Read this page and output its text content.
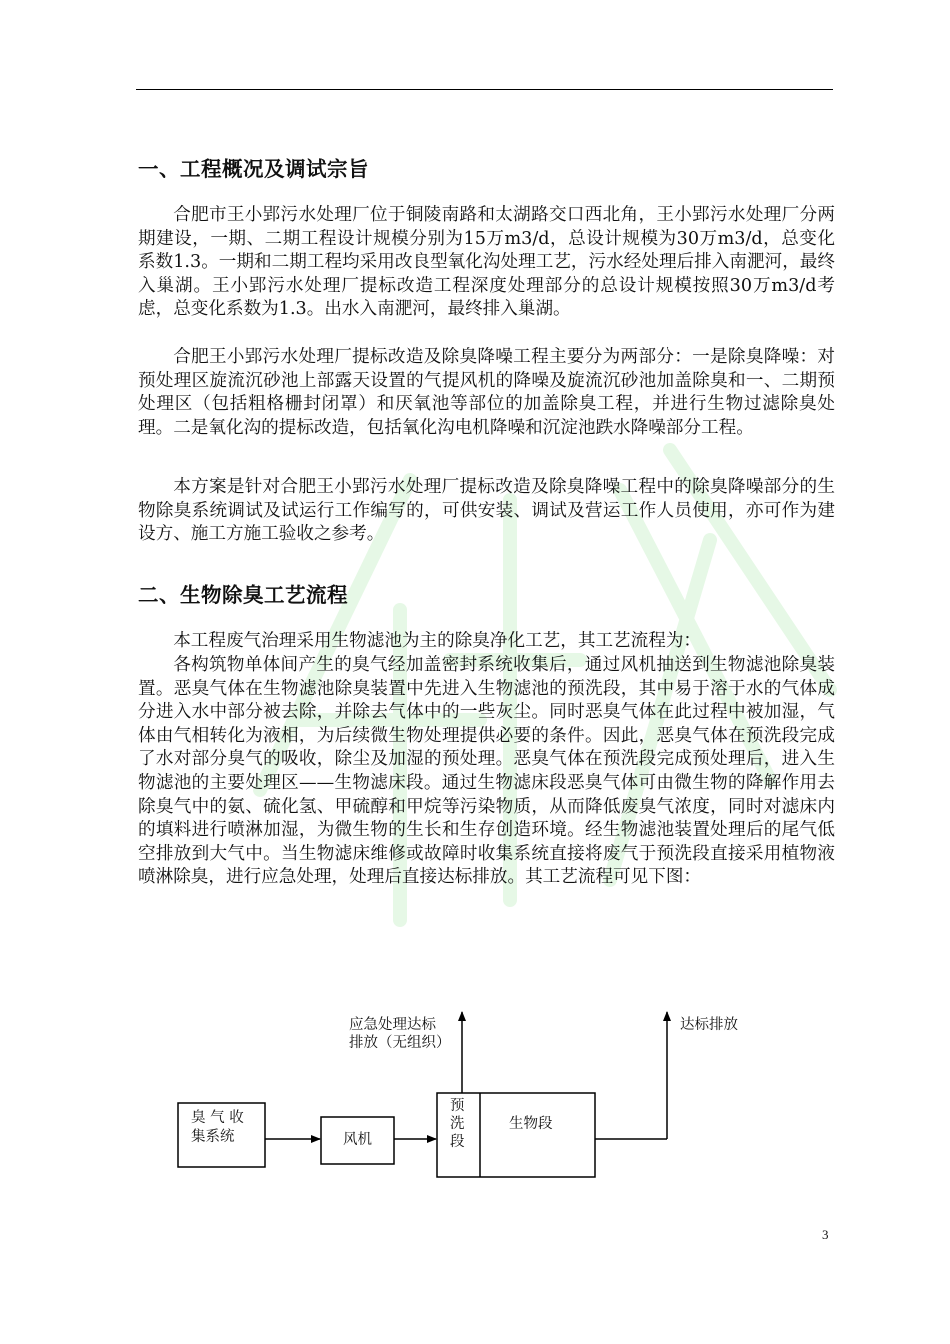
一、工程概况及调试宗旨

合肥市王小郢污水处理厂位于铜陵南路和太湖路交口西北角，王小郢污水处理厂分两期建设，一期、二期工程设计规模分别为15万m3/d，总设计规模为30万m3/d，总变化系数1.3。一期和二期工程均采用改良型氧化沟处理工艺，污水经处理后排入南淝河，最终入巢湖。王小郢污水处理厂提标改造工程深度处理部分的总设计规模按照30万m3/d考虑，总变化系数为1.3。出水入南淝河，最终排入巢湖。

合肥王小郢污水处理厂提标改造及除臭降噪工程主要分为两部分：一是除臭降噪：对预处理区旋流沉砂池上部露天设置的气提风机的降噪及旋流沉砂池加盖除臭和一、二期预处理区（包括粗格栅封闭罩）和厌氧池等部位的加盖除臭工程，并进行生物过滤除臭处理。二是氧化沟的提标改造，包括氧化沟电机降噪和沉淀池跌水降噪部分工程。

本方案是针对合肥王小郢污水处理厂提标改造及除臭降噪工程中的除臭降噪部分的生物除臭系统调试及试运行工作编写的，可供安装、调试及营运工作人员使用，亦可作为建设方、施工方施工验收之参考。

二、生物除臭工艺流程

本工程废气治理采用生物滤池为主的除臭净化工艺，其工艺流程为：

各构筑物单体间产生的臭气经加盖密封系统收集后，通过风机抽送到生物滤池除臭装置。恶臭气体在生物滤池除臭装置中先进入生物滤池的预洗段，其中易于溶于水的气体成分进入水中部分被去除，并除去气体中的一些灰尘。同时恶臭气体在此过程中被加湿，气体由气相转化为液相，为后续微生物处理提供必要的条件。因此，恶臭气体在预洗段完成了水对部分臭气的吸收，除尘及加湿的预处理。恶臭气体在预洗段完成预处理后，进入生物滤池的主要处理区——生物滤床段。通过生物滤床段恶臭气体可由微生物的降解作用去除臭气中的氨、硫化氢、甲硫醇和甲烷等污染物质，从而降低废臭气浓度，同时对滤床内的填料进行喷淋加湿，为微生物的生长和生存创造环境。经生物滤池装置处理后的尾气低空排放到大气中。当生物滤床维修或故障时收集系统直接将废气于预洗段直接采用植物液喷淋除臭，进行应急处理，处理后直接达标排放。其工艺流程可见下图：

臭 气 收
集系统	风机
预
洗
段
生物段
应急处理达标
排放（无组织）
达标排放
3
